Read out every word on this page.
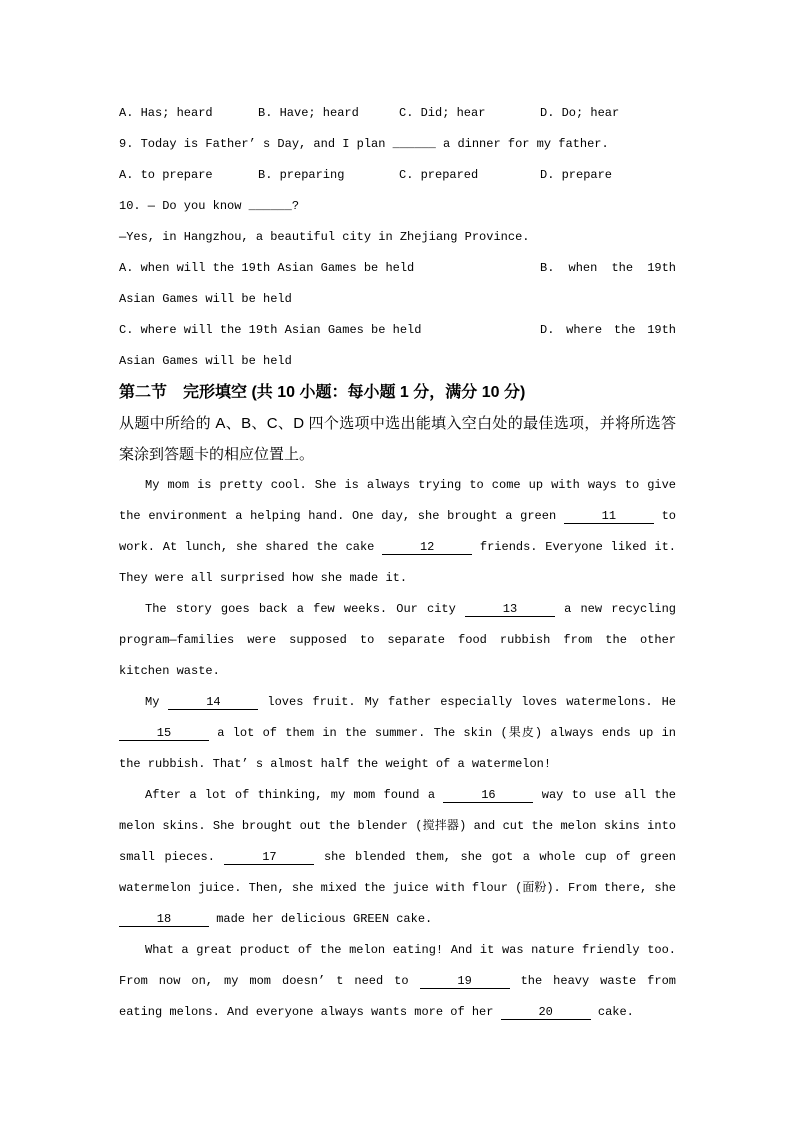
A. Has; heard	B. Have; heard	C. Did; hear	D. Do; hear
9. Today is Father’ s Day, and I plan ______ a dinner for my father.
A. to prepare	B. preparing	C. prepared	D. prepare
10. — Do you know ______?
—Yes, in Hangzhou, a beautiful city in Zhejiang Province.
A. when will the 19th Asian Games be held	B. when the 19th
Asian Games will be held
C. where will the 19th Asian Games be held	D. where the 19th
Asian Games will be held
第二节　完形填空 (共 10 小题：每小题 1 分，满分 10 分)
从题中所给的 A、B、C、D 四个选项中选出能填入空白处的最佳选项，并将所选答案涂到答题卡的相应位置上。
My mom is pretty cool. She is always trying to come up with ways to give the environment a helping hand. One day, she brought a green	11	to work. At lunch, she shared the cake	12	friends. Everyone liked it. They were all surprised how she made it.
The story goes back a few weeks. Our city	13	a new recycling program—families were supposed to separate food rubbish from the other kitchen waste.
My	14	loves fruit. My father especially loves watermelons. He 15	a lot of them in the summer. The skin (果皮) always ends up in the rubbish. That’ s almost half the weight of a watermelon!
After a lot of thinking, my mom found a	16	way to use all the melon skins. She brought out the blender (搅拌器) and cut the melon skins into small pieces.	17	she blended them, she got a whole cup of green watermelon juice. Then, she mixed the juice with flour (面粉). From there, she 18	made her delicious GREEN cake.
What a great product of the melon eating! And it was nature friendly too. From now on, my mom doesn’ t need to	19	the heavy waste from eating melons. And everyone always wants more of her	20	cake.
